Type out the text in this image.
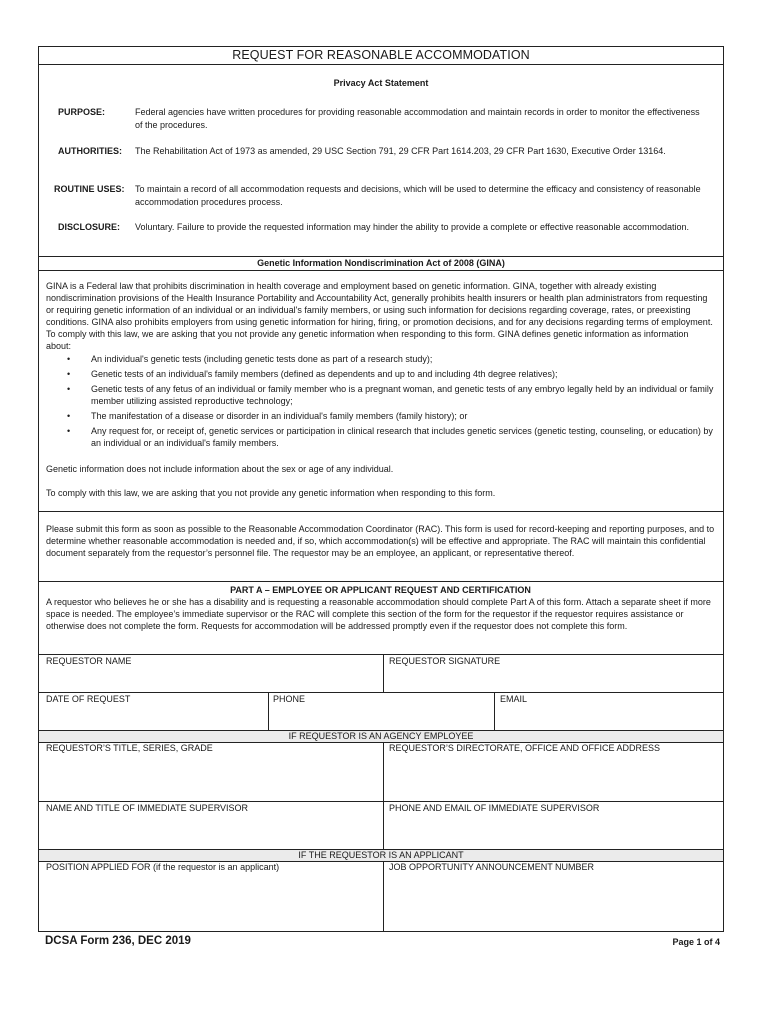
REQUEST FOR REASONABLE ACCOMMODATION
Privacy Act Statement
PURPOSE:	Federal agencies have written procedures for providing reasonable accommodation and maintain records in order to monitor the effectiveness of the procedures.
AUTHORITIES: The Rehabilitation Act of 1973 as amended, 29 USC Section 791, 29 CFR Part 1614.203, 29 CFR Part 1630, Executive Order 13164.
ROUTINE USES: To maintain a record of all accommodation requests and decisions, which will be used to determine the efficacy and consistency of reasonable accommodation procedures process.
DISCLOSURE: Voluntary. Failure to provide the requested information may hinder the ability to provide a complete or effective reasonable accommodation.
Genetic Information Nondiscrimination Act of 2008 (GINA)
GINA is a Federal law that prohibits discrimination in health coverage and employment based on genetic information. GINA, together with already existing nondiscrimination provisions of the Health Insurance Portability and Accountability Act, generally prohibits health insurers or health plan administrators from requesting or requiring genetic information of an individual or an individual's family members, or using such information for decisions regarding coverage, rates, or preexisting conditions. GINA also prohibits employers from using genetic information for hiring, firing, or promotion decisions, and for any decisions regarding terms of employment. To comply with this law, we are asking that you not provide any genetic information when responding to this form. GINA defines genetic information as information about:
• An individual's genetic tests (including genetic tests done as part of a research study);
• Genetic tests of an individual's family members (defined as dependents and up to and including 4th degree relatives);
• Genetic tests of any fetus of an individual or family member who is a pregnant woman, and genetic tests of any embryo legally held by an individual or family member utilizing assisted reproductive technology;
• The manifestation of a disease or disorder in an individual's family members (family history); or
• Any request for, or receipt of, genetic services or participation in clinical research that includes genetic services (genetic testing, counseling, or education) by an individual or an individual's family members.
Genetic information does not include information about the sex or age of any individual.
To comply with this law, we are asking that you not provide any genetic information when responding to this form.
Please submit this form as soon as possible to the Reasonable Accommodation Coordinator (RAC). This form is used for record-keeping and reporting purposes, and to determine whether reasonable accommodation is needed and, if so, which accommodation(s) will be effective and appropriate. The RAC will maintain this confidential document separately from the requestor’s personnel file. The requestor may be an employee, an applicant, or representative thereof.
PART A – EMPLOYEE OR APPLICANT REQUEST AND CERTIFICATION
A requestor who believes he or she has a disability and is requesting a reasonable accommodation should complete Part A of this form. Attach a separate sheet if more space is needed. The employee’s immediate supervisor or the RAC will complete this section of the form for the requestor if the requestor requires assistance or otherwise does not complete the form. Requests for accommodation will be addressed promptly even if the requestor does not complete this form.
REQUESTOR NAME	REQUESTOR SIGNATURE
DATE OF REQUEST	PHONE	EMAIL
IF REQUESTOR IS AN AGENCY EMPLOYEE
REQUESTOR’S TITLE, SERIES, GRADE	REQUESTOR’S DIRECTORATE, OFFICE AND OFFICE ADDRESS
NAME AND TITLE OF IMMEDIATE SUPERVISOR	PHONE AND EMAIL OF IMMEDIATE SUPERVISOR
IF THE REQUESTOR IS AN APPLICANT
POSITION APPLIED FOR (if the requestor is an applicant)	JOB OPPORTUNITY ANNOUNCEMENT NUMBER
DCSA Form 236, DEC 2019	Page 1 of 4
